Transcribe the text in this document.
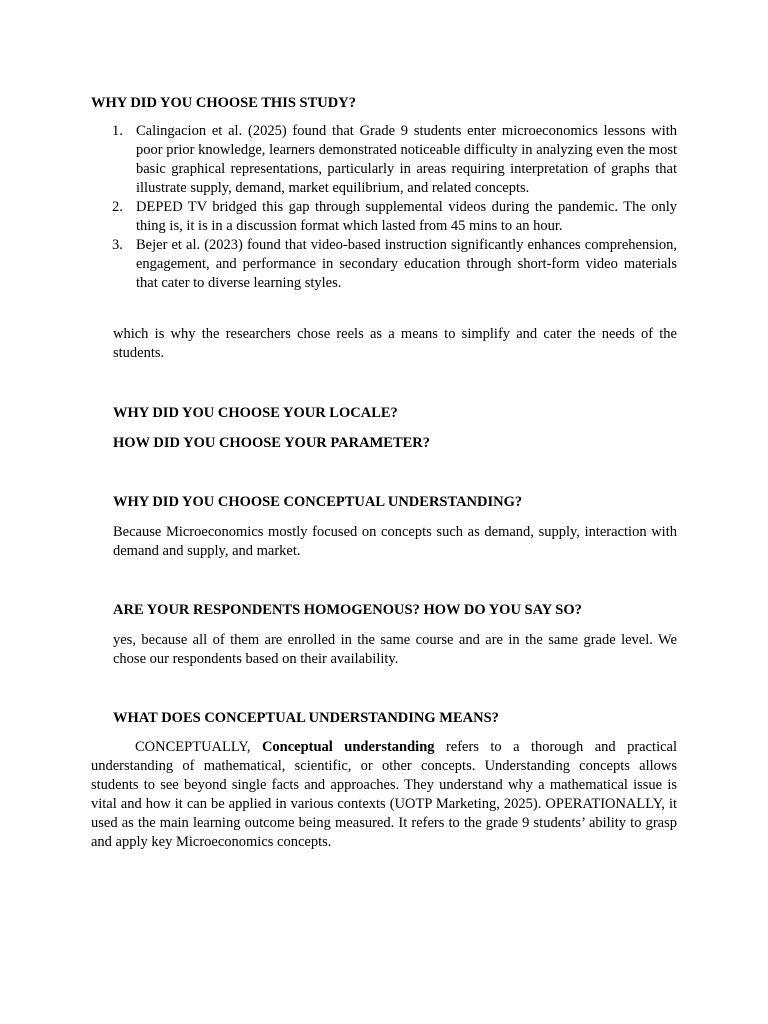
WHY DID YOU CHOOSE THIS STUDY?
1. Calingacion et al. (2025) found that Grade 9 students enter microeconomics lessons with poor prior knowledge, learners demonstrated noticeable difficulty in analyzing even the most basic graphical representations, particularly in areas requiring interpretation of graphs that illustrate supply, demand, market equilibrium, and related concepts.
2. DEPED TV bridged this gap through supplemental videos during the pandemic. The only thing is, it is in a discussion format which lasted from 45 mins to an hour.
3. Bejer et al. (2023) found that video-based instruction significantly enhances comprehension, engagement, and performance in secondary education through short-form video materials that cater to diverse learning styles.

which is why the researchers chose reels as a means to simplify and cater the needs of the students.

WHY DID YOU CHOOSE YOUR LOCALE?
HOW DID YOU CHOOSE YOUR PARAMETER?
WHY DID YOU CHOOSE CONCEPTUAL UNDERSTANDING?

Because Microeconomics mostly focused on concepts such as demand, supply, interaction with demand and supply, and market.

ARE YOUR RESPONDENTS HOMOGENOUS? HOW DO YOU SAY SO?

yes, because all of them are enrolled in the same course and are in the same grade level. We chose our respondents based on their availability.

WHAT DOES CONCEPTUAL UNDERSTANDING MEANS?

CONCEPTUALLY, Conceptual understanding refers to a thorough and practical understanding of mathematical, scientific, or other concepts. Understanding concepts allows students to see beyond single facts and approaches. They understand why a mathematical issue is vital and how it can be applied in various contexts (UOTP Marketing, 2025). OPERATIONALLY, it used as the main learning outcome being measured. It refers to the grade 9 students’ ability to grasp and apply key Microeconomics concepts.
